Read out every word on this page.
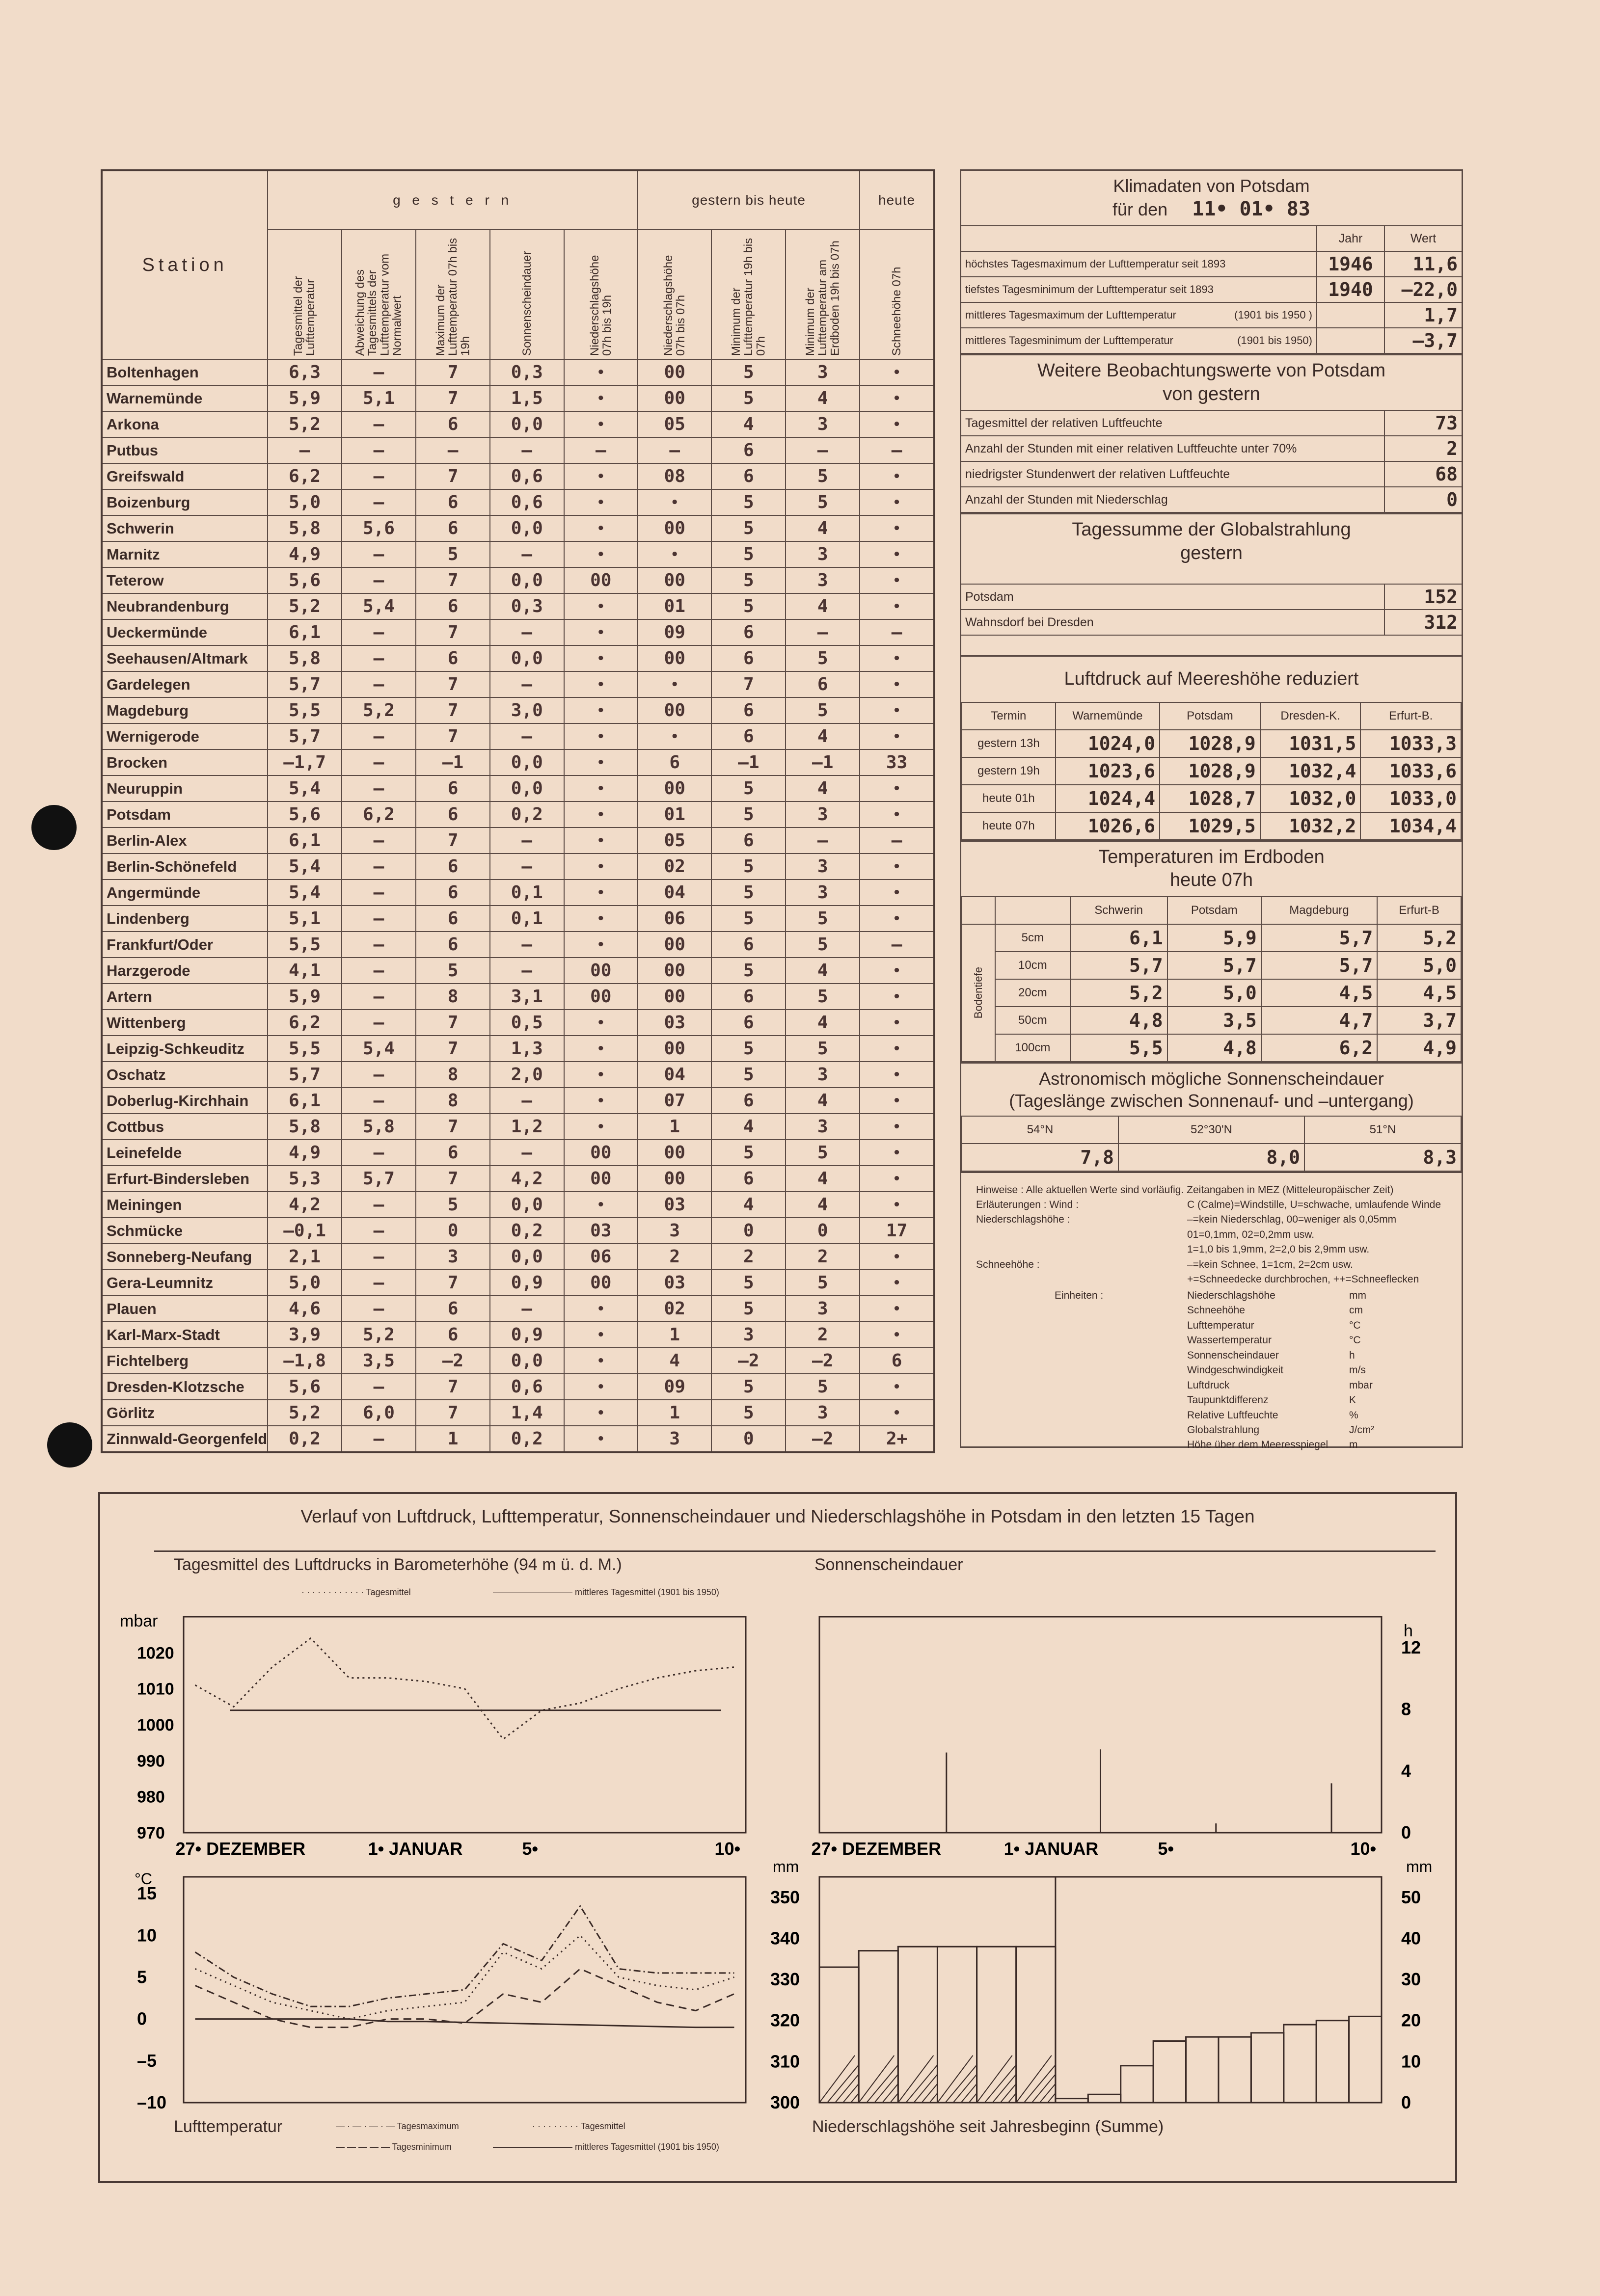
Station	g e s t e r n					gestern bis heute			heute

	Tagesmittel der Lufttemperatur	Abweichung des Tagesmittels der Lufttemperatur vom Normalwert	Maximum der Lufttemperatur 07h bis 19h	Sonnenscheindauer	Niederschlagshöhe 07h bis 19h	Niederschlagshöhe 07h bis 07h	Minimum der Lufttemperatur 19h bis 07h	Minimum der Lufttemperatur am Erdboden 19h bis 07h	Schneehöhe 07h

Boltenhagen	6,3	–	7	0,3	•	00	5	3	•
Warnemünde	5,9	5,1	7	1,5	•	00	5	4	•
Arkona	5,2	–	6	0,0	•	05	4	3	•
Putbus	–	–	–	–	–	–	6	–	–
Greifswald	6,2	–	7	0,6	•	08	6	5	•
Boizenburg	5,0	–	6	0,6	•	•	5	5	•
Schwerin	5,8	5,6	6	0,0	•	00	5	4	•
Marnitz	4,9	–	5	–	•	•	5	3	•
Teterow	5,6	–	7	0,0	00	00	5	3	•
Neubrandenburg	5,2	5,4	6	0,3	•	01	5	4	•
Ueckermünde	6,1	–	7	–	•	09	6	–	–
Seehausen/Altmark	5,8	–	6	0,0	•	00	6	5	•
Gardelegen	5,7	–	7	–	•	•	7	6	•
Magdeburg	5,5	5,2	7	3,0	•	00	6	5	•
Wernigerode	5,7	–	7	–	•	•	6	4	•
Brocken	–1,7	–	–1	0,0	•	6	–1	–1	33
Neuruppin	5,4	–	6	0,0	•	00	5	4	•
Potsdam	5,6	6,2	6	0,2	•	01	5	3	•
Berlin-Alex	6,1	–	7	–	•	05	6	–	–
Berlin-Schönefeld	5,4	–	6	–	•	02	5	3	•
Angermünde	5,4	–	6	0,1	•	04	5	3	•
Lindenberg	5,1	–	6	0,1	•	06	5	5	•
Frankfurt/Oder	5,5	–	6	–	•	00	6	5	–
Harzgerode	4,1	–	5	–	00	00	5	4	•
Artern	5,9	–	8	3,1	00	00	6	5	•
Wittenberg	6,2	–	7	0,5	•	03	6	4	•
Leipzig-Schkeuditz	5,5	5,4	7	1,3	•	00	5	5	•
Oschatz	5,7	–	8	2,0	•	04	5	3	•
Doberlug-Kirchhain	6,1	–	8	–	•	07	6	4	•
Cottbus	5,8	5,8	7	1,2	•	1	4	3	•
Leinefelde	4,9	–	6	–	00	00	5	5	•
Erfurt-Bindersleben	5,3	5,7	7	4,2	00	00	6	4	•
Meiningen	4,2	–	5	0,0	•	03	4	4	•
Schmücke	–0,1	–	0	0,2	03	3	0	0	17
Sonneberg-Neufang	2,1	–	3	0,0	06	2	2	2	•
Gera-Leumnitz	5,0	–	7	0,9	00	03	5	5	•
Plauen	4,6	–	6	–	•	02	5	3	•
Karl-Marx-Stadt	3,9	5,2	6	0,9	•	1	3	2	•
Fichtelberg	–1,8	3,5	–2	0,0	•	4	–2	–2	6
Dresden-Klotzsche	5,6	–	7	0,6	•	09	5	5	•
Görlitz	5,2	6,0	7	1,4	•	1	5	3	•
Zinnwald-Georgenfeld	0,2	–	1	0,2	•	3	0	–2	2+
Klimadaten von Potsdam
für den 11• 01• 83
	Jahr	Wert
höchstes Tagesmaximum der Lufttemperatur seit 1893	1946	11,6
tiefstes Tagesminimum der Lufttemperatur seit 1893	1940	–22,0
mittleres Tagesmaximum der Lufttemperatur (1901 bis 1950 )		1,7
mittleres Tagesminimum der Lufttemperatur (1901 bis 1950)		–3,7
Weitere Beobachtungswerte von Potsdam
von gestern
Tagesmittel der relativen Luftfeuchte	73
Anzahl der Stunden mit einer relativen Luftfeuchte unter 70%	2
niedrigster Stundenwert der relativen Luftfeuchte	68
Anzahl der Stunden mit Niederschlag	0
Tagessumme der Globalstrahlung
gestern
Potsdam	152
Wahnsdorf bei Dresden	312
Luftdruck auf Meereshöhe reduziert
Termin	Warnemünde	Potsdam	Dresden-K.	Erfurt-B.
gestern 13h	1024,0	1028,9	1031,5	1033,3
gestern 19h	1023,6	1028,9	1032,4	1033,6
heute 01h	1024,4	1028,7	1032,0	1033,0
heute 07h	1026,6	1029,5	1032,2	1034,4
Temperaturen im Erdboden
heute 07h
		Schwerin	Potsdam	Magdeburg	Erfurt-B

Bodentiefe	5cm	6,1	5,9	5,7	5,2
	10cm	5,7	5,7	5,7	5,0
	20cm	5,2	5,0	4,5	4,5
	50cm	4,8	3,5	4,7	3,7
	100cm	5,5	4,8	6,2	4,9
Astronomisch mögliche Sonnenscheindauer
(Tageslänge zwischen Sonnenauf- und –untergang)
54°N	52°30'N	51°N
7,8	8,0	8,3
Hinweise : Alle aktuellen Werte sind vorläufig. Zeitangaben in MEZ (Mitteleuropäischer Zeit)
Erläuterungen : Wind :	C (Calme)=Windstille, U=schwache, umlaufende Winde
Niederschlagshöhe :	–=kein Niederschlag, 00=weniger als 0,05mm
01=0,1mm, 02=0,2mm usw.
1=1,0 bis 1,9mm, 2=2,0 bis 2,9mm usw.
Schneehöhe :	–=kein Schnee, 1=1cm, 2=2cm usw.
+=Schneedecke durchbrochen, ++=Schneeflecken
Einheiten :	Niederschlagshöhe	mm
Schneehöhe	cm
Lufttemperatur	°C
Wassertemperatur	°C
Sonnenscheindauer	h
Windgeschwindigkeit	m/s
Luftdruck	mbar
Taupunktdifferenz	K
Relative Luftfeuchte	%
Globalstrahlung	J/cm²
Höhe über dem Meeresspiegel	m
Verlauf von Luftdruck, Lufttemperatur, Sonnenscheindauer und Niederschlagshöhe in Potsdam in den letzten 15 Tagen
Tagesmittel des Luftdrucks in Barometerhöhe (94 m ü. d. M.)	Sonnenscheindauer
· · · · · · · · · · · · Tagesmittel	————————— mittleres Tagesmittel (1901 bis 1950)
Lufttemperatur	— · — · — · — Tagesmaximum	· · · · · · · · · Tagesmittel
— — — — — Tagesminimum	————————— mittleres Tagesmittel (1901 bis 1950)
Niederschlagshöhe seit Jahresbeginn (Summe)
mbar
970
980
990
1000
1010
1020
27• DEZEMBER	1• JANUAR	5•	10•
h
0
4
8
12
27• DEZEMBER	1• JANUAR	5•	10•
°C
–10
–5
0
5
10
15
mm	mm
300
310
320
330
340
350
0
10
20
30
40
50
